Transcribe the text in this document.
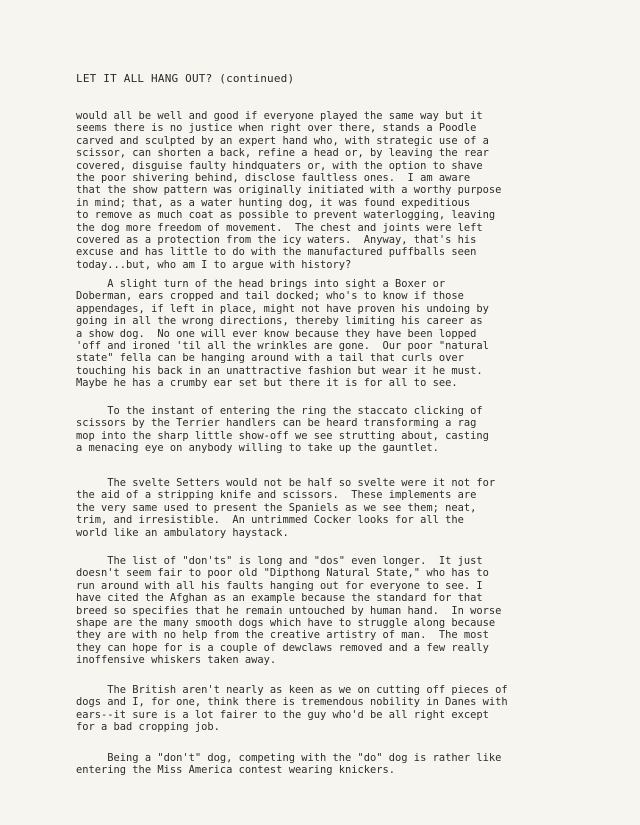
LET IT ALL HANG OUT? (continued)
would all be well and good if everyone played the same way but it
seems there is no justice when right over there, stands a Poodle
carved and sculpted by an expert hand who, with strategic use of a
scissor, can shorten a back, refine a head or, by leaving the rear
covered, disguise faulty hindquaters or, with the option to shave
the poor shivering behind, disclose faultless ones.  I am aware
that the show pattern was originally initiated with a worthy purpose
in mind; that, as a water hunting dog, it was found expeditious
to remove as much coat as possible to prevent waterlogging, leaving
the dog more freedom of movement.  The chest and joints were left
covered as a protection from the icy waters.  Anyway, that's his
excuse and has little to do with the manufactured puffballs seen
today...but, who am I to argue with history?
A slight turn of the head brings into sight a Boxer or
Doberman, ears cropped and tail docked; who's to know if those
appendages, if left in place, might not have proven his undoing by
going in all the wrong directions, thereby limiting his career as
a show dog.  No one will ever know because they have been lopped
'off and ironed 'til all the wrinkles are gone.  Our poor "natural
state" fella can be hanging around with a tail that curls over
touching his back in an unattractive fashion but wear it he must.
Maybe he has a crumby ear set but there it is for all to see.
To the instant of entering the ring the staccato clicking of
scissors by the Terrier handlers can be heard transforming a rag
mop into the sharp little show-off we see strutting about, casting
a menacing eye on anybody willing to take up the gauntlet.
The svelte Setters would not be half so svelte were it not for
the aid of a stripping knife and scissors.  These implements are
the very same used to present the Spaniels as we see them; neat,
trim, and irresistible.  An untrimmed Cocker looks for all the
world like an ambulatory haystack.
The list of "don'ts" is long and "dos" even longer.  It just
doesn't seem fair to poor old "Dipthong Natural State," who has to
run around with all his faults hanging out for everyone to see. I
have cited the Afghan as an example because the standard for that
breed so specifies that he remain untouched by human hand.  In worse
shape are the many smooth dogs which have to struggle along because
they are with no help from the creative artistry of man.  The most
they can hope for is a couple of dewclaws removed and a few really
inoffensive whiskers taken away.
The British aren't nearly as keen as we on cutting off pieces of
dogs and I, for one, think there is tremendous nobility in Danes with
ears--it sure is a lot fairer to the guy who'd be all right except
for a bad cropping job.
Being a "don't" dog, competing with the "do" dog is rather like
entering the Miss America contest wearing knickers.
